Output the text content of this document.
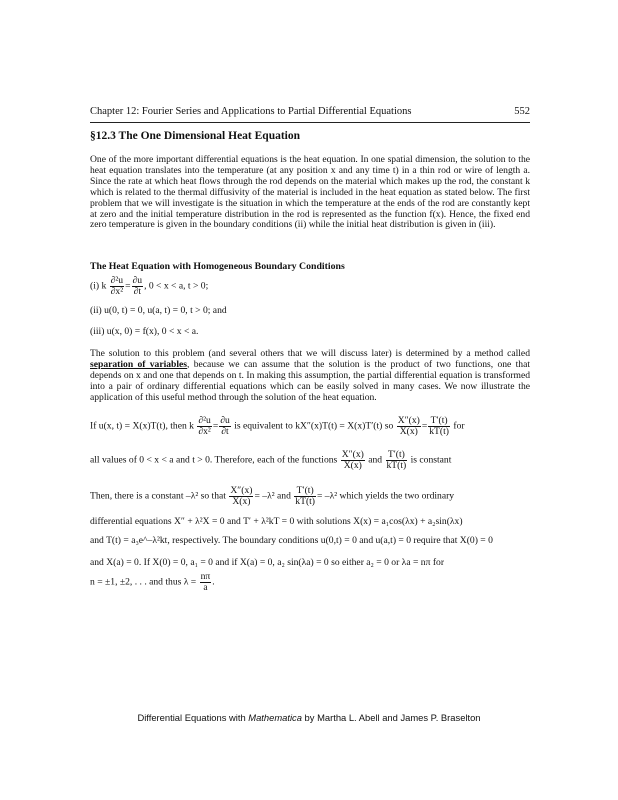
Chapter 12: Fourier Series and Applications to Partial Differential Equations	552
§12.3 The One Dimensional Heat Equation
One of the more important differential equations is the heat equation. In one spatial dimension, the solution to the heat equation translates into the temperature (at any position x and any time t) in a thin rod or wire of length a. Since the rate at which heat flows through the rod depends on the material which makes up the rod, the constant k which is related to the thermal diffusivity of the material is included in the heat equation as stated below. The first problem that we will investigate is the situation in which the temperature at the ends of the rod are constantly kept at zero and the initial temperature distribution in the rod is represented as the function f(x). Hence, the fixed end zero temperature is given in the boundary conditions (ii) while the initial heat distribution is given in (iii).
The Heat Equation with Homogeneous Boundary Conditions
(i) k $\frac{\text{∂²u}}{\text{∂x²}} = \frac{\partial u}{\partial t}$ , 0 < x < a, t > 0;
(ii) u(0, t) = 0, u(a, t) = 0, t > 0; and
(iii) u(x, 0) = f(x), 0 < x < a.
The solution to this problem (and several others that we will discuss later) is determined by a method called separation of variables, because we can assume that the solution is the product of two functions, one that depends on x and one that depends on t. In making this assumption, the partial differential equation is transformed into a pair of ordinary differential equations which can be easily solved in many cases. We now illustrate the application of this useful method through the solution of the heat equation.
If u(x, t) = X(x)T(t), then k $\frac{\text{∂²u}}{\text{∂x²}} = \frac{\partial u}{\partial t}$ is equivalent to kX″(x)T(t) = X(x)T′(t) so $\frac{X''(x)}{X(x)} = \frac{T'(t)}{kT(t)}$ for
all values of 0 < x < a and t > 0. Therefore, each of the functions $\frac{X''(x)}{X(x)}$ and $\frac{T'(t)}{kT(t)}$ is constant
Then, there is a constant –λ² so that $\frac{X''(x)}{X(x)} = -\lambda^2$ and $\frac{T'(t)}{kT(t)} = -\lambda^2$ which yields the two ordinary
differential equations X″ + λ²X = 0 and T′ + λ²kT = 0 with solutions X(x) = a₁cos(λx) + a₂sin(λx)
and T(t) = a₃e^–λ²kt, respectively. The boundary conditions u(0,t) = 0 and u(a,t) = 0 require that X(0) = 0
and X(a) = 0. If X(0) = 0, a₁ = 0 and if X(a) = 0, a₂ sin(λa) = 0 so either a₂ = 0 or λa = nπ for
n = ±1, ±2, . . . and thus $\lambda = \frac{n\pi}{a}$ .
Differential Equations with Mathematica by Martha L. Abell and James P. Braselton
